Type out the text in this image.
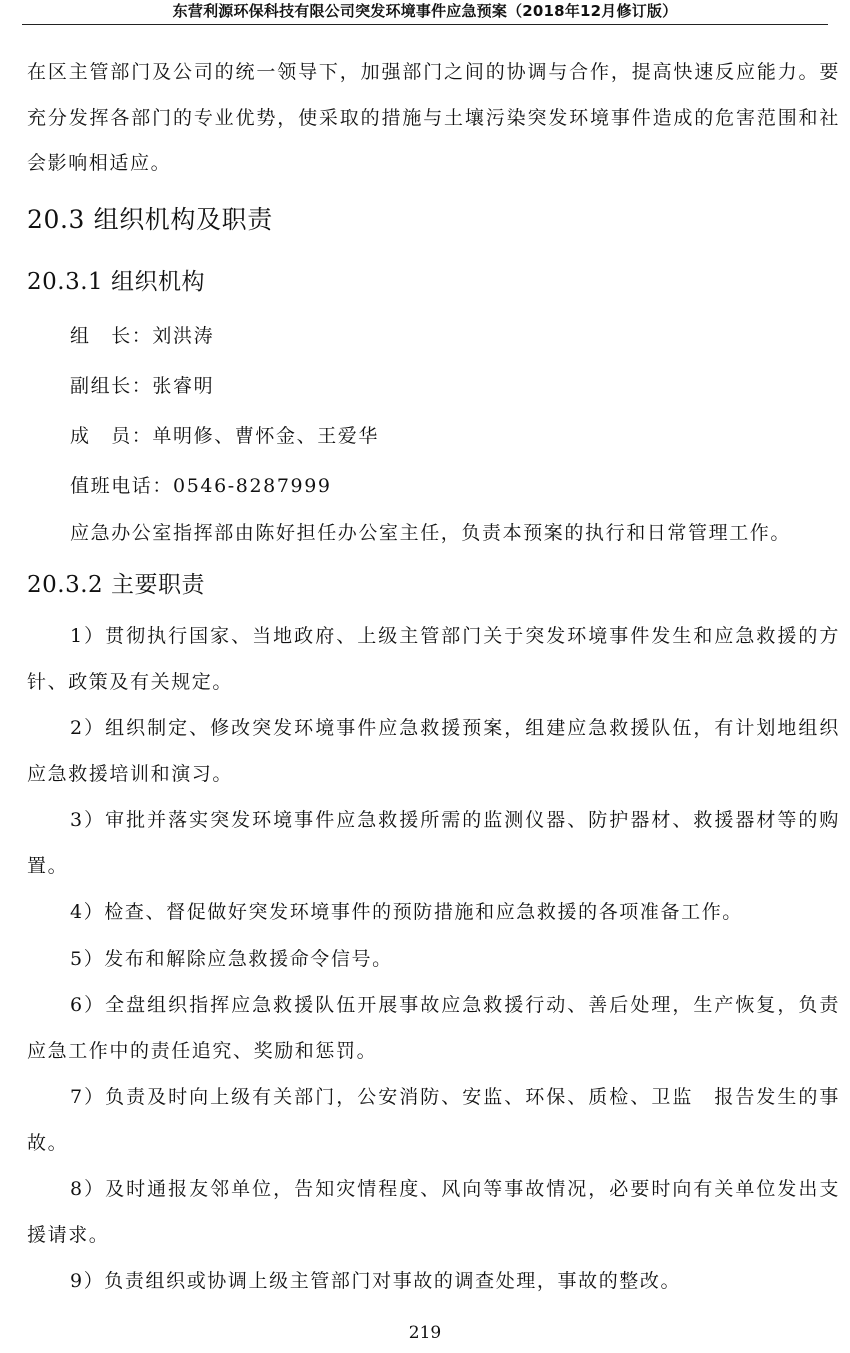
东营利源环保科技有限公司突发环境事件应急预案（2018年12月修订版）

在区主管部门及公司的统一领导下，加强部门之间的协调与合作，提高快速反应能力。要充分发挥各部门的专业优势，使采取的措施与土壤污染突发环境事件造成的危害范围和社会影响相适应。

20.3 组织机构及职责
20.3.1 组织机构
组　长：刘洪涛
副组长：张睿明
成　员：单明修、曹怀金、王爱华
值班电话：0546-8287999

应急办公室指挥部由陈好担任办公室主任，负责本预案的执行和日常管理工作。

20.3.2 主要职责

1）贯彻执行国家、当地政府、上级主管部门关于突发环境事件发生和应急救援的方针、政策及有关规定。

2）组织制定、修改突发环境事件应急救援预案，组建应急救援队伍，有计划地组织应急救援培训和演习。

3）审批并落实突发环境事件应急救援所需的监测仪器、防护器材、救援器材等的购置。

4）检查、督促做好突发环境事件的预防措施和应急救援的各项准备工作。

5）发布和解除应急救援命令信号。

6）全盘组织指挥应急救援队伍开展事故应急救援行动、善后处理，生产恢复，负责应急工作中的责任追究、奖励和惩罚。

7）负责及时向上级有关部门，公安消防、安监、环保、质检、卫监　报告发生的事故。

8）及时通报友邻单位，告知灾情程度、风向等事故情况，必要时向有关单位发出支援请求。

9）负责组织或协调上级主管部门对事故的调查处理，事故的整改。

219
